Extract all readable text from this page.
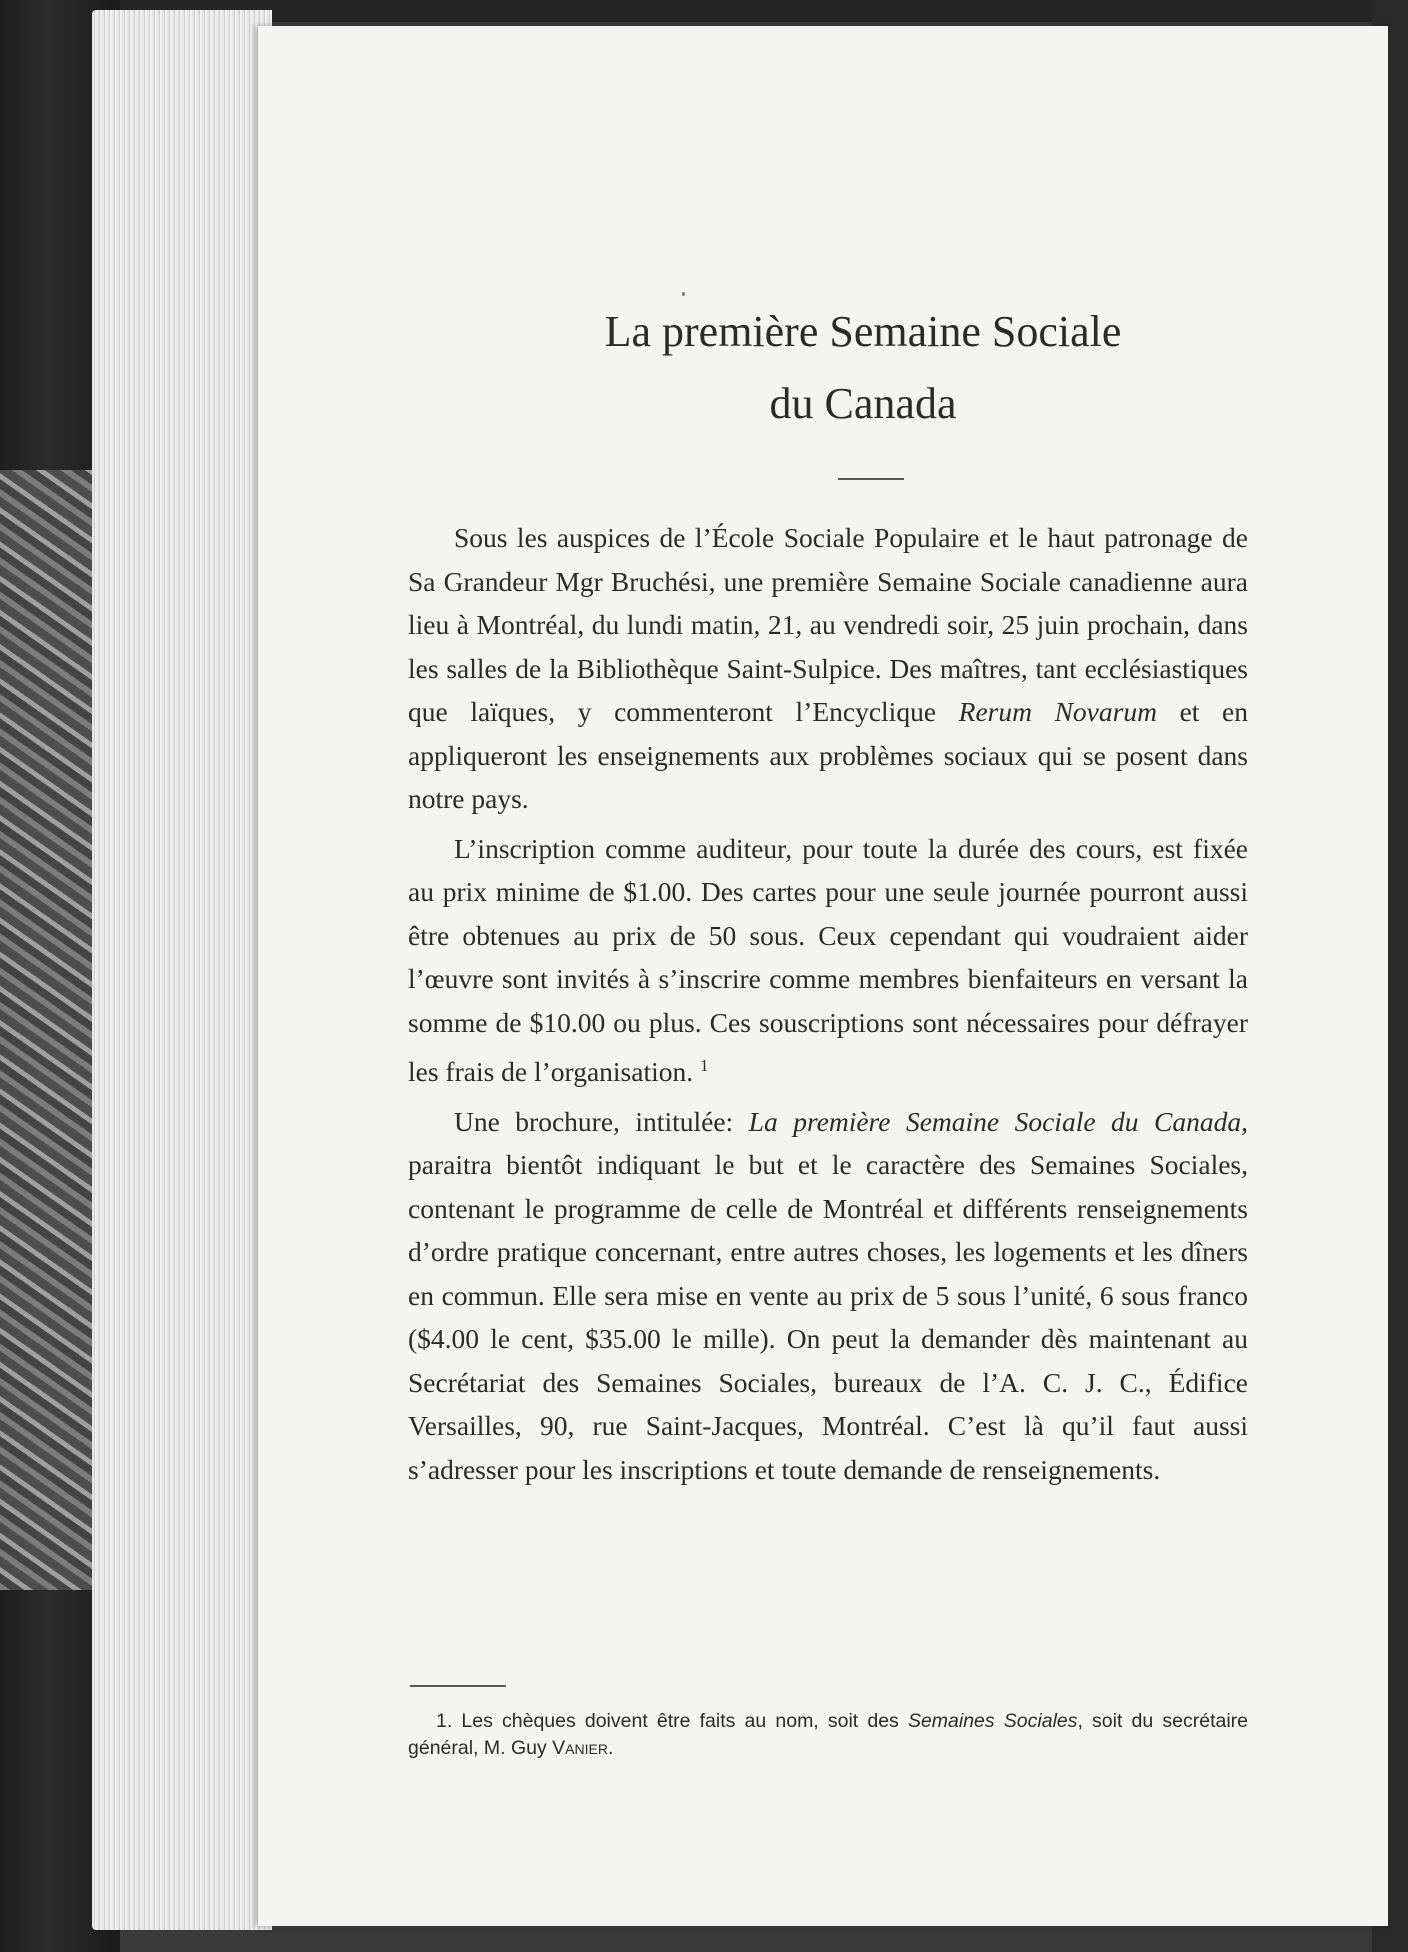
La première Semaine Sociale
du Canada

Sous les auspices de l’École Sociale Populaire et le haut patronage de Sa Grandeur Mgr Bruchési, une première Semaine Sociale canadienne aura lieu à Montréal, du lundi matin, 21, au vendredi soir, 25 juin prochain, dans les salles de la Bibliothèque Saint-Sulpice. Des maîtres, tant ecclésiastiques que laïques, y commenteront l’Encyclique Rerum Novarum et en appliqueront les enseignements aux problèmes sociaux qui se posent dans notre pays.

L’inscription comme auditeur, pour toute la durée des cours, est fixée au prix minime de $1.00. Des cartes pour une seule journée pourront aussi être obtenues au prix de 50 sous. Ceux cependant qui voudraient aider l’œuvre sont invités à s’inscrire comme membres bienfaiteurs en versant la somme de $10.00 ou plus. Ces souscriptions sont nécessaires pour défrayer les frais de l’organisation. $^1$

Une brochure, intitulée: La première Semaine Sociale du Canada, paraitra bientôt indiquant le but et le caractère des Semaines Sociales, contenant le programme de celle de Montréal et différents renseignements d’ordre pratique concernant, entre autres choses, les logements et les dîners en commun. Elle sera mise en vente au prix de 5 sous l’unité, 6 sous franco ($4.00 le cent, $35.00 le mille). On peut la demander dès maintenant au Secrétariat des Semaines Sociales, bureaux de l’A. C. J. C., Édifice Versailles, 90, rue Saint-Jacques, Montréal. C’est là qu’il faut aussi s’adresser pour les inscriptions et toute demande de renseignements.

1. Les chèques doivent être faits au nom, soit des Semaines Sociales, soit du secrétaire général, M. Guy Vanier.
